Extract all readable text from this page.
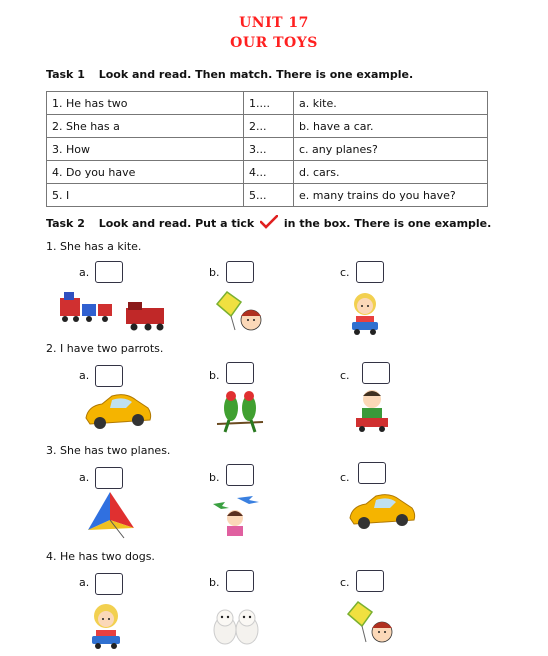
UNIT 17
OUR TOYS
Task 1 Look and read. Then match. There is one example.
1. He has two	1....	a. kite.
2. She has a	2...	b. have a car.
3. How	3...	c. any planes?
4. Do you have	4...	d. cars.
5. I	5...	e. many trains do you have?
Task 2 Look and read. Put a tick	in the box. There is one example.
1. She has a kite.
a.	b.	c.
2. I have two parrots.
a.	b.	c.
3. She has two planes.
a.	b.	c.
4. He has two dogs.
a.	b.	c.
